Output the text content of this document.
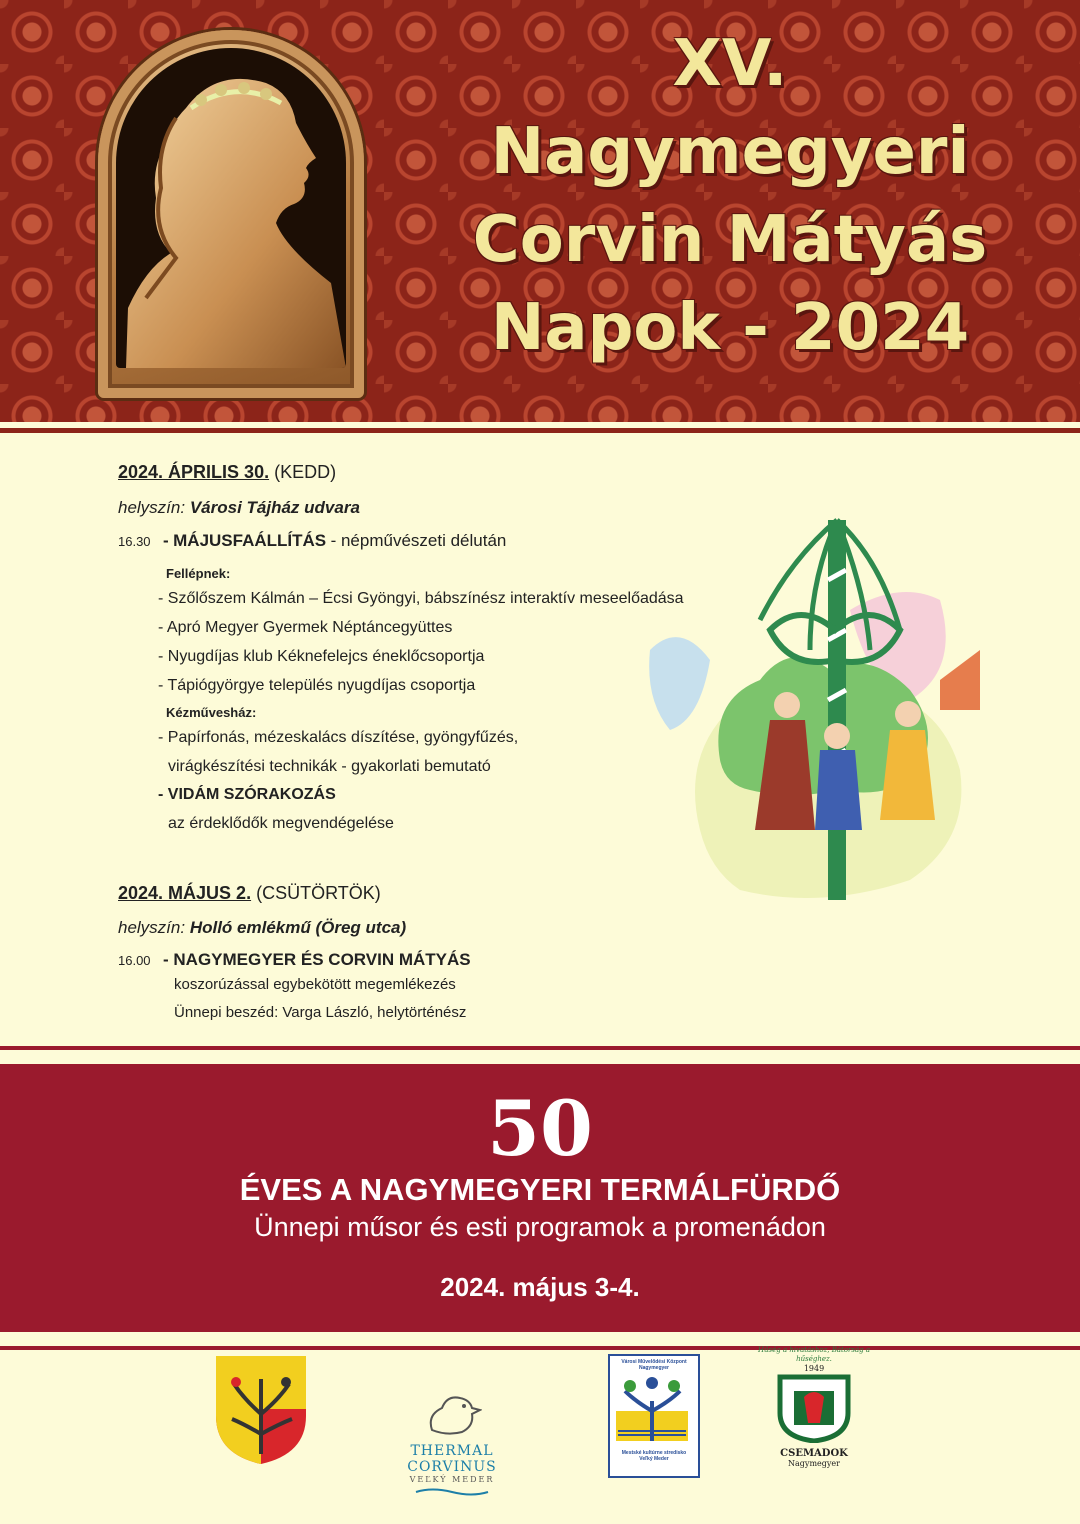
XV.
Nagymegyeri
Corvin Mátyás
Napok - 2024
2024. ÁPRILIS 30. (KEDD)
helyszín: Városi Tájház udvara
16.30 - MÁJUSFAÁLLÍTÁS - népművészeti délután
Fellépnek:
- Szőlőszem Kálmán – Écsi Gyöngyi, bábszínész interaktív meseelőadása
- Apró Megyer Gyermek Néptáncegyüttes
- Nyugdíjas klub Kéknefelejcs éneklőcsoportja
- Tápiógyörgye település nyugdíjas csoportja
Kézművesház:
- Papírfonás, mézeskalács díszítése, gyöngyfűzés,
virágkészítési technikák - gyakorlati bemutató
- VIDÁM SZÓRAKOZÁS
az érdeklődők megvendégelése
2024. MÁJUS 2. (CSÜTÖRTÖK)
helyszín: Holló emlékmű (Öreg utca)
16.00 - NAGYMEGYER ÉS CORVIN MÁTYÁS
koszorúzással egybekötött megemlékezés
Ünnepi beszéd: Varga László, helytörténész
50
ÉVES A NAGYMEGYERI TERMÁLFÜRDŐ
Ünnepi műsor és esti programok a promenádon
2024. május 3-4.
THERMAL CORVINUS
VEĽKÝ MEDER
Városi Művelődési Központ
Nagymegyer
Mestské kultúrne stredisko
Veľký Meder
Hűség a hivatáshoz, Bátorság a hűséghez.
1949
CSEMADOK
Nagymegyer
